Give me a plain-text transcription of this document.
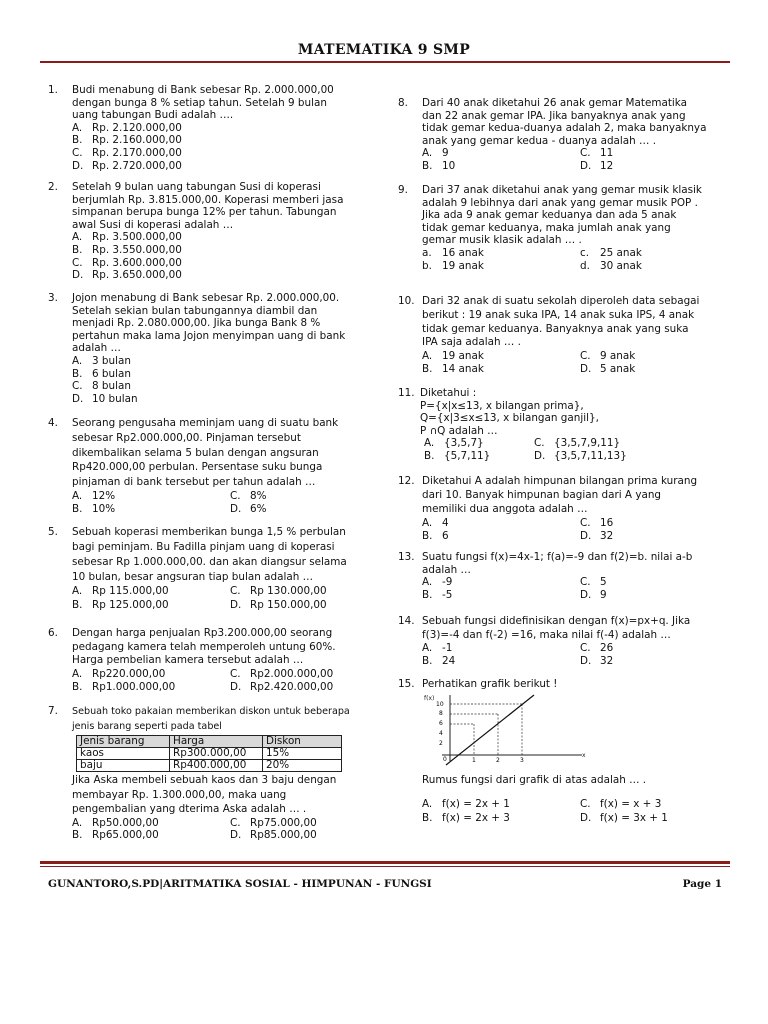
MATEMATIKA 9 SMP
1. Budi menabung di Bank sebesar Rp. 2.000.000,00
dengan bunga 8 % setiap tahun. Setelah 9 bulan
uang tabungan Budi adalah ….
A. Rp. 2.120.000,00
B. Rp. 2.160.000,00
C. Rp. 2.170.000,00
D. Rp. 2.720.000,00
2. Setelah 9 bulan uang tabungan Susi di koperasi
berjumlah Rp. 3.815.000,00. Koperasi memberi jasa
simpanan berupa bunga 12% per tahun. Tabungan
awal Susi di koperasi adalah …
A. Rp. 3.500.000,00
B. Rp. 3.550.000,00
C. Rp. 3.600.000,00
D. Rp. 3.650.000,00
3. Jojon menabung di Bank sebesar Rp. 2.000.000,00.
Setelah sekian bulan tabungannya diambil dan
menjadi Rp. 2.080.000,00. Jika bunga Bank 8 %
pertahun maka lama Jojon menyimpan uang di bank
adalah …
A. 3 bulan
B. 6 bulan
C. 8 bulan
D. 10 bulan
4. Seorang pengusaha meminjam uang di suatu bank
sebesar Rp2.000.000,00. Pinjaman tersebut
dikembalikan selama 5 bulan dengan angsuran
Rp420.000,00 perbulan. Persentase suku bunga
pinjaman di bank tersebut per tahun adalah …
A. 12%	C. 8%
B. 10%	D. 6%
5. Sebuah koperasi memberikan bunga 1,5 % perbulan
bagi peminjam. Bu Fadilla pinjam uang di koperasi
sebesar Rp 1.000.000,00. dan akan diangsur selama
10 bulan, besar angsuran tiap bulan adalah …
A. Rp 115.000,00	C. Rp 130.000,00
B. Rp 125.000,00	D. Rp 150.000,00
6. Dengan harga penjualan Rp3.200.000,00 seorang
pedagang kamera telah memperoleh untung 60%.
Harga pembelian kamera tersebut adalah …
A. Rp220.000,00	C. Rp2.000.000,00
B. Rp1.000.000,00	D. Rp2.420.000,00
7. Sebuah toko pakaian memberikan diskon untuk beberapa
jenis barang seperti pada tabel
Jenis barang	Harga	Diskon
kaos	Rp300.000,00	15%
baju	Rp400.000,00	20%
Jika Aska membeli sebuah kaos dan 3 baju dengan
membayar Rp. 1.300.000,00, maka uang
pengembalian yang dterima Aska adalah … .
A. Rp50.000,00	C. Rp75.000,00
B. Rp65.000,00	D. Rp85.000,00
8. Dari 40 anak diketahui 26 anak gemar Matematika
dan 22 anak gemar IPA. Jika banyaknya anak yang
tidak gemar kedua-duanya adalah 2, maka banyaknya
anak yang gemar kedua - duanya adalah … .
A. 9	C. 11
B. 10	D. 12
9. Dari 37 anak diketahui anak yang gemar musik klasik
adalah 9 lebihnya dari anak yang gemar musik POP .
Jika ada 9 anak gemar keduanya dan ada 5 anak
tidak gemar keduanya, maka jumlah anak yang
gemar musik klasik adalah … .
a. 16 anak	c. 25 anak
b. 19 anak	d. 30 anak
10. Dari 32 anak di suatu sekolah diperoleh data sebagai
berikut : 19 anak suka IPA, 14 anak suka IPS, 4 anak
tidak gemar keduanya. Banyaknya anak yang suka
IPA saja adalah … .
A. 19 anak	C. 9 anak
B. 14 anak	D. 5 anak
11. Diketahui :
P={x|x≤13, x bilangan prima},
Q={x|3≤x≤13, x bilangan ganjil},
P ∩Q adalah …
A. {3,5,7}	C. {3,5,7,9,11}
B. {5,7,11}	D. {3,5,7,11,13}
12. Diketahui A adalah himpunan bilangan prima kurang
dari 10. Banyak himpunan bagian dari A yang
memiliki dua anggota adalah …
A. 4	C. 16
B. 6	D. 32
13. Suatu fungsi f(x)=4x-1; f(a)=-9 dan f(2)=b. nilai a-b
adalah …
A. -9	C. 5
B. -5	D. 9
14. Sebuah fungsi didefinisikan dengan f(x)=px+q. Jika
f(3)=-4 dan f(-2) =16, maka nilai f(-4) adalah …
A. -1	C. 26
B. 24	D. 32
15. Perhatikan grafik berikut !
f(x)
x
10
8
6
4
2
0	1	2	3
Rumus fungsi dari grafik di atas adalah … .
A. f(x) = 2x + 1	C. f(x) = x + 3
B. f(x) = 2x + 3	D. f(x) = 3x + 1
GUNANTORO,S.PD|ARITMATIKA SOSIAL - HIMPUNAN - FUNGSI	Page 1
